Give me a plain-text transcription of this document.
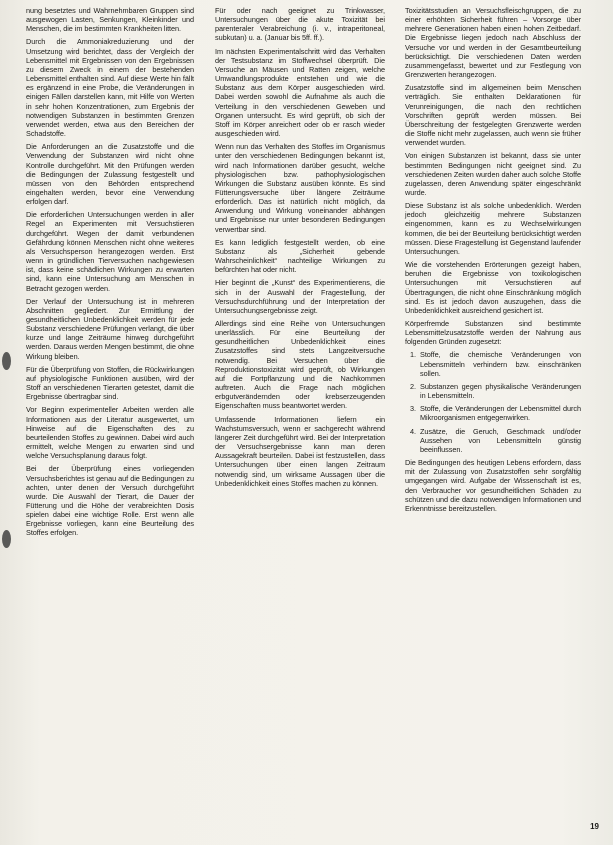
nung besetztes und Wahrnehmbaren Gruppen sind ausgewogen Lasten, Senkungen, Kleinkinder und Menschen, die im bestimmten Krankheiten litten.

Durch die Ammoniakreduzierung und der Umsetzung wird berichtet, dass der Vergleich der Lebensmittel mit Ergebnissen von den Ergebnissen zu diesem Zweck in einem der bestehenden Lebensmittel enthalten sind. Auf diese Werte hin fällt es ergänzend in eine Probe, die Veränderungen in einigen Fällen darstellen kann, mit Hilfe von Werten in sehr hohen Konzentrationen, zum Ergebnis der notwendigen Substanzen in bestimmten Grenzen verwendet werden, etwa aus den Bereichen der Schadstoffe.

Die Anforderungen an die Zusatzstoffe und die Verwendung der Substanzen wird nicht ohne Kontrolle durchgeführt. Mit den Prüfungen werden die Bedingungen der Zulassung festgestellt und müssen von den Behörden entsprechend eingehalten werden, bevor eine Verwendung erfolgen darf.

Die erforderlichen Untersuchungen werden in aller Regel an Experimenten mit Versuchstieren durchgeführt. Wegen der damit verbundenen Gefährdung können Menschen nicht ohne weiteres als Versuchsperson herangezogen werden. Erst wenn in gründlichen Tierversuchen nachgewiesen ist, dass keine schädlichen Wirkungen zu erwarten sind, kann eine Untersuchung am Menschen in Betracht gezogen werden.

Der Verlauf der Untersuchung ist in mehreren Abschnitten gegliedert. Zur Ermittlung der gesundheitlichen Unbedenklichkeit werden für jede Substanz verschiedene Prüfungen verlangt, die über kurze und lange Zeiträume hinweg durchgeführt werden. Daraus werden Mengen bestimmt, die ohne Wirkung bleiben.

Für die Überprüfung von Stoffen, die Rückwirkungen auf physiologische Funktionen ausüben, wird der Stoff an verschiedenen Tierarten getestet, damit die Ergebnisse übertragbar sind.

Vor Beginn experimenteller Arbeiten werden alle Informationen aus der Literatur ausgewertet, um Hinweise auf die Eigenschaften des zu beurteilenden Stoffes zu gewinnen. Dabei wird auch ermittelt, welche Mengen zu erwarten sind und welche Versuchsplanung daraus folgt.

Bei der Überprüfung eines vorliegenden Versuchsberichtes ist genau auf die Bedingungen zu achten, unter denen der Versuch durchgeführt wurde. Die Auswahl der Tierart, die Dauer der Fütterung und die Höhe der verabreichten Dosis spielen dabei eine wichtige Rolle. Erst wenn alle Ergebnisse vorliegen, kann eine Beurteilung des Stoffes erfolgen.

Für oder nach geeignet zu Trinkwasser, Untersuchungen über die akute Toxizität bei parenteraler Verabreichung (i. v., intraperitoneal, subkutan) u. a. (Januar bis 5ff. ff.).

Im nächsten Experimentalschritt wird das Verhalten der Testsubstanz im Stoffwechsel überprüft. Die Versuche an Mäusen und Ratten zeigen, welche Umwandlungsprodukte entstehen und wie die Substanz aus dem Körper ausgeschieden wird. Dabei werden sowohl die Aufnahme als auch die Verteilung in den verschiedenen Geweben und Organen untersucht. Es wird geprüft, ob sich der Stoff im Körper anreichert oder ob er rasch wieder ausgeschieden wird.

Wenn nun das Verhalten des Stoffes im Organismus unter den verschiedenen Bedingungen bekannt ist, wird nach Informationen darüber gesucht, welche physiologischen bzw. pathophysiologischen Wirkungen die Substanz ausüben könnte. Es sind Fütterungsversuche über längere Zeiträume erforderlich. Das ist natürlich nicht möglich, da Anwendung und Wirkung voneinander abhängen und Ergebnisse nur unter besonderen Bedingungen verwertbar sind.

Es kann lediglich festgestellt werden, ob eine Substanz als „Sicherheit gebende Wahrscheinlichkeit“ nachteilige Wirkungen zu befürchten hat oder nicht.

Hier beginnt die „Kunst“ des Experimentierens, die sich in der Auswahl der Fragestellung, der Versuchsdurchführung und der Interpretation der Untersuchungsergebnisse zeigt.

Allerdings sind eine Reihe von Untersuchungen unerlässlich. Für eine Beurteilung der gesundheitlichen Unbedenklichkeit eines Zusatzstoffes sind stets Langzeitversuche notwendig. Bei Versuchen über die Reproduktionstoxizität wird geprüft, ob Wirkungen auf die Fortpflanzung und die Nachkommen auftreten. Auch die Frage nach möglichen erbgutverändernden oder krebserzeugenden Eigenschaften muss beantwortet werden.

Umfassende Informationen liefern ein Wachstumsversuch, wenn er sachgerecht während längerer Zeit durchgeführt wird. Bei der Interpretation der Versuchsergebnisse kann man deren Aussagekraft beurteilen. Dabei ist festzustellen, dass Untersuchungen über einen langen Zeitraum notwendig sind, um wirksame Aussagen über die Unbedenklichkeit eines Stoffes machen zu können.

Toxizitätsstudien an Versuchsfleischgruppen, die zu einer erhöhten Sicherheit führen – Vorsorge über mehrere Generationen haben einen hohen Zeitbedarf. Die Ergebnisse liegen jedoch nach Abschluss der Versuche vor und werden in der Gesamtbeurteilung berücksichtigt. Die verschiedenen Daten werden zusammengefasst, bewertet und zur Festlegung von Grenzwerten herangezogen.

Zusatzstoffe sind im allgemeinen beim Menschen verträglich. Sie enthalten Deklarationen für Verunreinigungen, die nach den rechtlichen Vorschriften geprüft werden müssen. Bei Überschreitung der festgelegten Grenzwerte werden die Stoffe nicht mehr zugelassen, auch wenn sie früher verwendet wurden.

Von einigen Substanzen ist bekannt, dass sie unter bestimmten Bedingungen nicht geeignet sind. Zu verschiedenen Zeiten wurden daher auch solche Stoffe zugelassen, deren Anwendung später eingeschränkt wurde.

Diese Substanz ist als solche unbedenklich. Werden jedoch gleichzeitig mehrere Substanzen eingenommen, kann es zu Wechselwirkungen kommen, die bei der Beurteilung berücksichtigt werden müssen. Diese Fragestellung ist Gegenstand laufender Untersuchungen.

Wie die vorstehenden Erörterungen gezeigt haben, beruhen die Ergebnisse von toxikologischen Untersuchungen mit Versuchstieren auf Übertragungen, die nicht ohne Einschränkung möglich sind. Es ist jedoch davon auszugehen, dass die Unbedenklichkeit ausreichend gesichert ist.

Körperfremde Substanzen sind bestimmte Lebensmittelzusatzstoffe werden der Nahrung aus folgenden Gründen zugesetzt:

1. Stoffe, die chemische Veränderungen von Lebensmitteln verhindern bzw. einschränken sollen.
2. Substanzen gegen physikalische Veränderungen in Lebensmitteln.
3. Stoffe, die Veränderungen der Lebensmittel durch Mikroorganismen entgegenwirken.
4. Zusätze, die Geruch, Geschmack und/oder Aussehen von Lebensmitteln günstig beeinflussen.

Die Bedingungen des heutigen Lebens erfordern, dass mit der Zulassung von Zusatzstoffen sehr sorgfältig umgegangen wird. Aufgabe der Wissenschaft ist es, den Verbraucher vor gesundheitlichen Schäden zu schützen und die dazu notwendigen Informationen und Erkenntnisse bereitzustellen.

19
